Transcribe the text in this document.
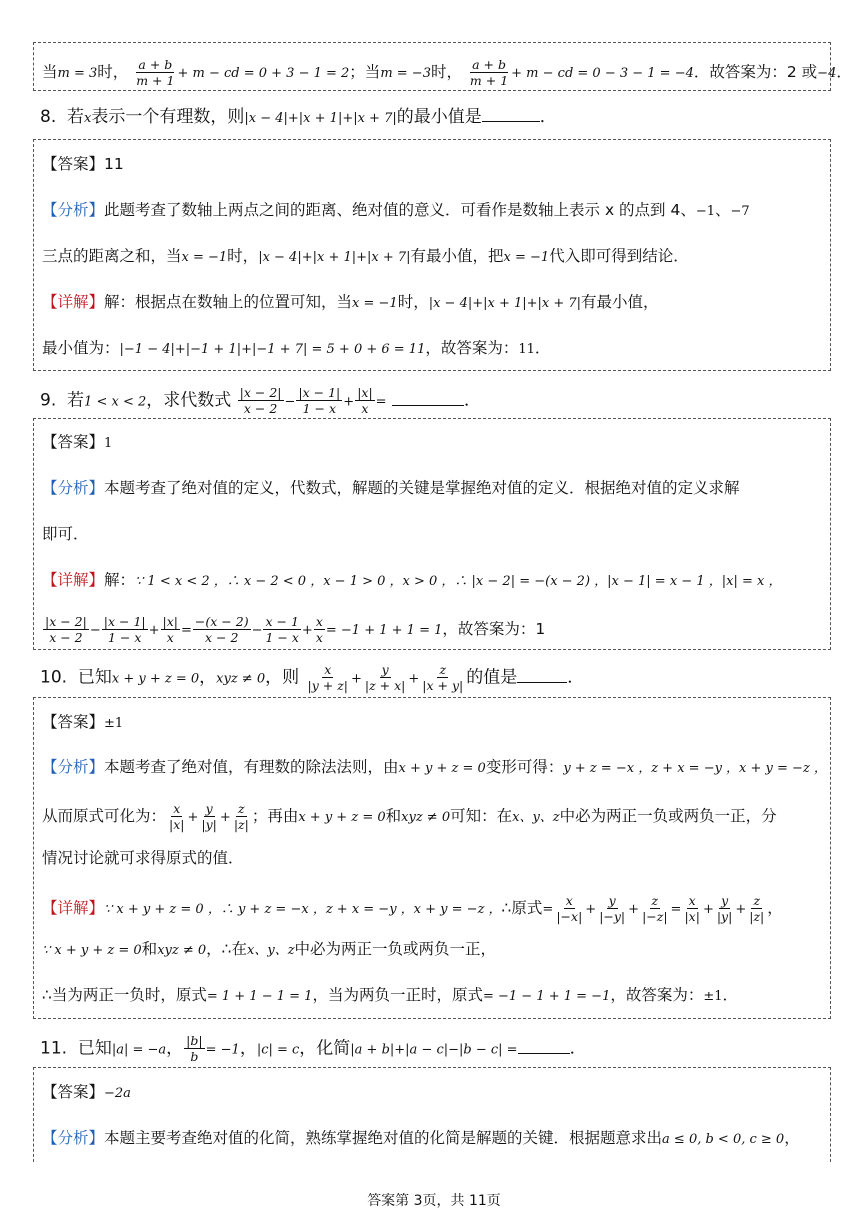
当m = 3时， $\frac{a + b}{m + 1} + m$ − cd = 0 + 3 − 1 = 2；当m = −3时， $\frac{a + b}{m + 1} + m$ − cd = 0 − 3 − 1 = −4．故答案为：2 或−4．
8. 若x表示一个有理数，则|x − 4|+|x + 1|+|x + 7|的最小值是	．
【答案】11
【分析】此题考查了数轴上两点之间的距离、绝对值的意义．可看作是数轴上表示 x 的点到 4、−1、−7
三点的距离之和，当x = −1时，|x − 4|+|x + 1|+|x + 7|有最小值，把x = −1代入即可得到结论．
【详解】解：根据点在数轴上的位置可知，当x = −1时，|x − 4|+|x + 1|+|x + 7|有最小值，
最小值为：|−1 − 4|+|−1 + 1|+|−1 + 7| = 5 + 0 + 6 = 11，故答案为：11．
9. 若1 < x < 2，求代数式 $\frac{|x - 2|}{x - 2} - \frac{|x - 1|}{1 - x} + \frac{|x|}{x}$ =	．
【答案】1
【分析】本题考查了绝对值的定义，代数式，解题的关键是掌握绝对值的定义．根据绝对值的定义求解
即可．
【详解】解：∵ 1 < x < 2 ，∴ x − 2 < 0 ，x − 1 > 0 ，x > 0 ，∴ |x − 2| = −(x − 2) ，|x − 1| = x − 1 ，|x| = x ，
$\frac{|x - 2|}{x - 2} - \frac{|x - 1|}{1 - x} + \frac{|x|}{x} = \frac{-(x - 2)}{x - 2} - \frac{x - 1}{1 - x} + \frac{x}{x} = -1 + 1 + 1 = 1$，故答案为：1
10. 已知x + y + z = 0，xyz ≠ 0，则 $\frac{x}{|y + z|} + \frac{y}{|z + x|} + \frac{z}{|x + y|}$ 的值是	．
【答案】±1
【分析】本题考查了绝对值，有理数的除法法则，由x + y + z = 0变形可得：y + z = −x ，z + x = −y ，x + y = −z ，
从而原式可化为： $\frac{x}{|x|} + \frac{y}{|y|} + \frac{z}{|z|}$ ；再由x + y + z = 0和xyz ≠ 0可知：在x、y、z中必为两正一负或两负一正，分
情况讨论就可求得原式的值．
【详解】∵ x + y + z = 0 ，∴ y + z = −x ，z + x = −y ，x + y = −z ，∴原式= $\frac{x}{|-x|} + \frac{y}{|-y|} + \frac{z}{|-z|} = \frac{x}{|x|} + \frac{y}{|y|} + \frac{z}{|z|}$ ，
∵ x + y + z = 0和xyz ≠ 0，∴在x、y、z中必为两正一负或两负一正，
∴当为两正一负时，原式= 1 + 1 − 1 = 1，当为两负一正时，原式= −1 − 1 + 1 = −1，故答案为：±1．
11. 已知|a| = −a， $\frac{|b|}{b} = -1$，|c| = c，化简|a + b|+|a − c|−|b − c| =	．
【答案】−2a
【分析】本题主要考查绝对值的化简，熟练掌握绝对值的化简是解题的关键．根据题意求出a ≤ 0, b < 0, c ≥ 0，
答案第 3页，共 11页
